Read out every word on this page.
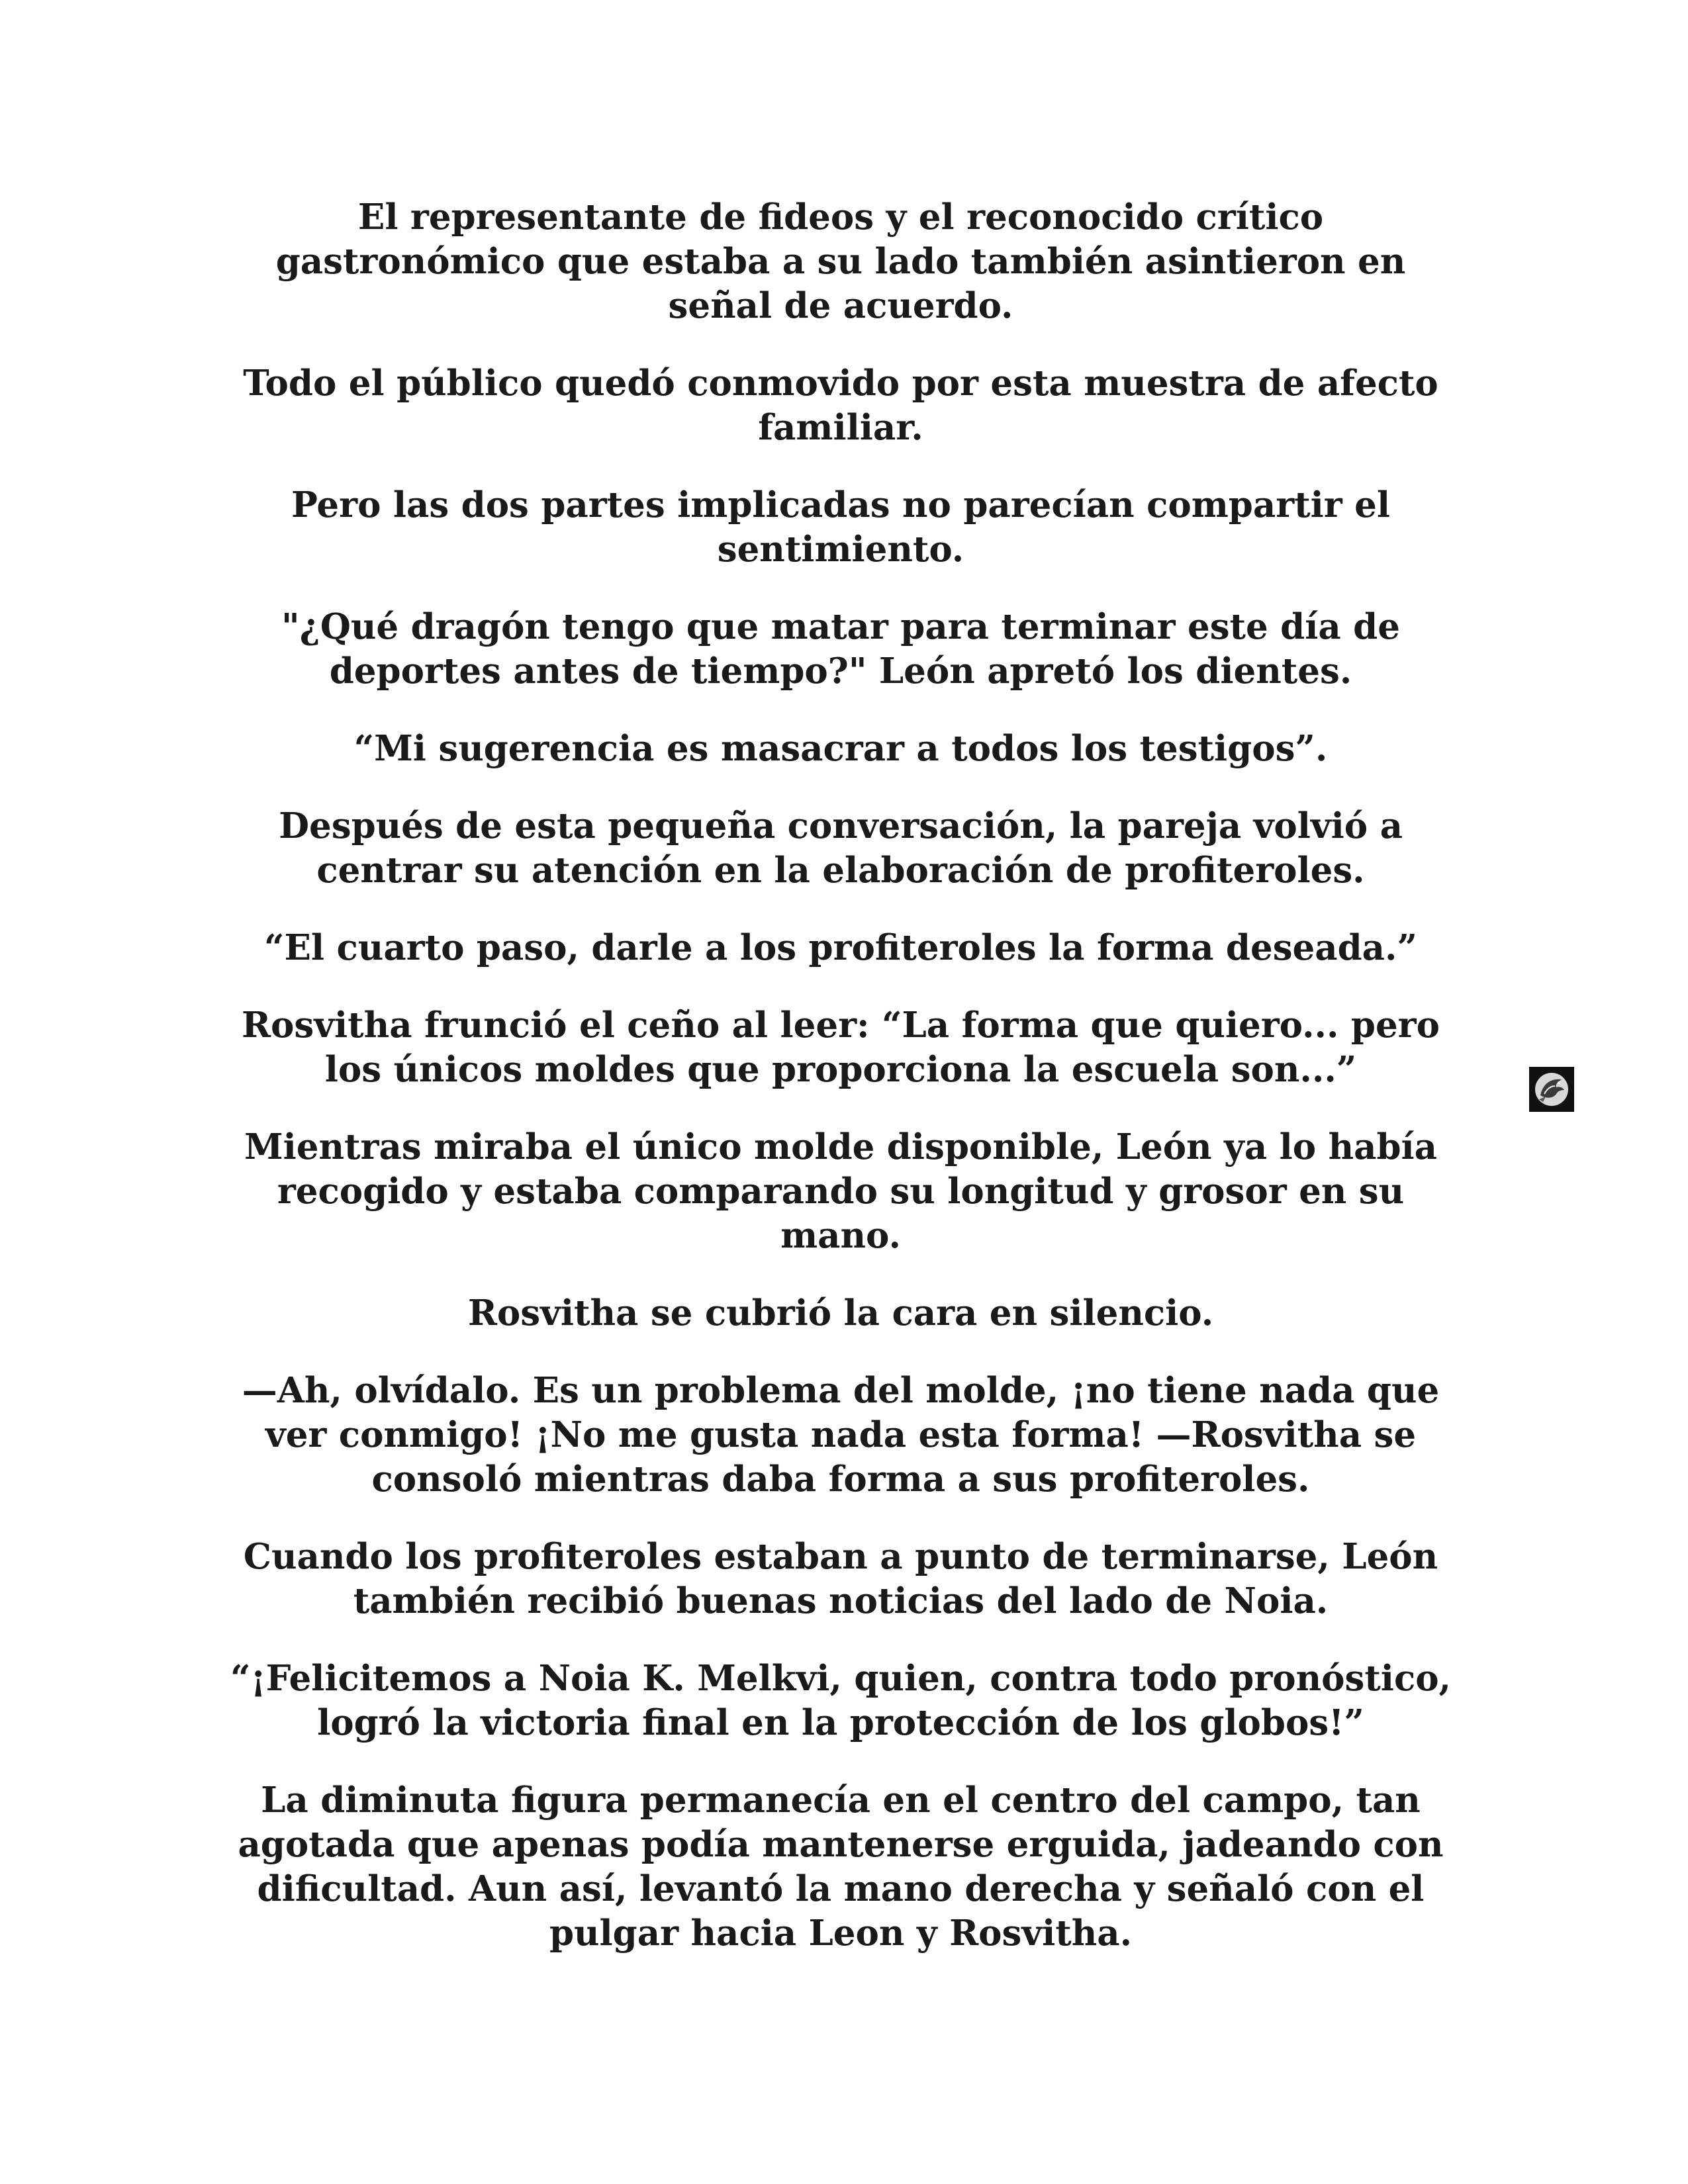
El representante de fideos y el reconocido crítico gastronómico que estaba a su lado también asintieron en señal de acuerdo.

Todo el público quedó conmovido por esta muestra de afecto familiar.

Pero las dos partes implicadas no parecían compartir el sentimiento.

"¿Qué dragón tengo que matar para terminar este día de deportes antes de tiempo?" León apretó los dientes.

“Mi sugerencia es masacrar a todos los testigos”.

Después de esta pequeña conversación, la pareja volvió a centrar su atención en la elaboración de profiteroles.

“El cuarto paso, darle a los profiteroles la forma deseada.”

Rosvitha frunció el ceño al leer: “La forma que quiero... pero los únicos moldes que proporciona la escuela son...”

Mientras miraba el único molde disponible, León ya lo había recogido y estaba comparando su longitud y grosor en su mano.

Rosvitha se cubrió la cara en silencio.

—Ah, olvídalo. Es un problema del molde, ¡no tiene nada que ver conmigo! ¡No me gusta nada esta forma! —Rosvitha se consoló mientras daba forma a sus profiteroles.

Cuando los profiteroles estaban a punto de terminarse, León también recibió buenas noticias del lado de Noia.

“¡Felicitemos a Noia K. Melkvi, quien, contra todo pronóstico, logró la victoria final en la protección de los globos!”

La diminuta figura permanecía en el centro del campo, tan agotada que apenas podía mantenerse erguida, jadeando con dificultad. Aun así, levantó la mano derecha y señaló con el pulgar hacia Leon y Rosvitha.
